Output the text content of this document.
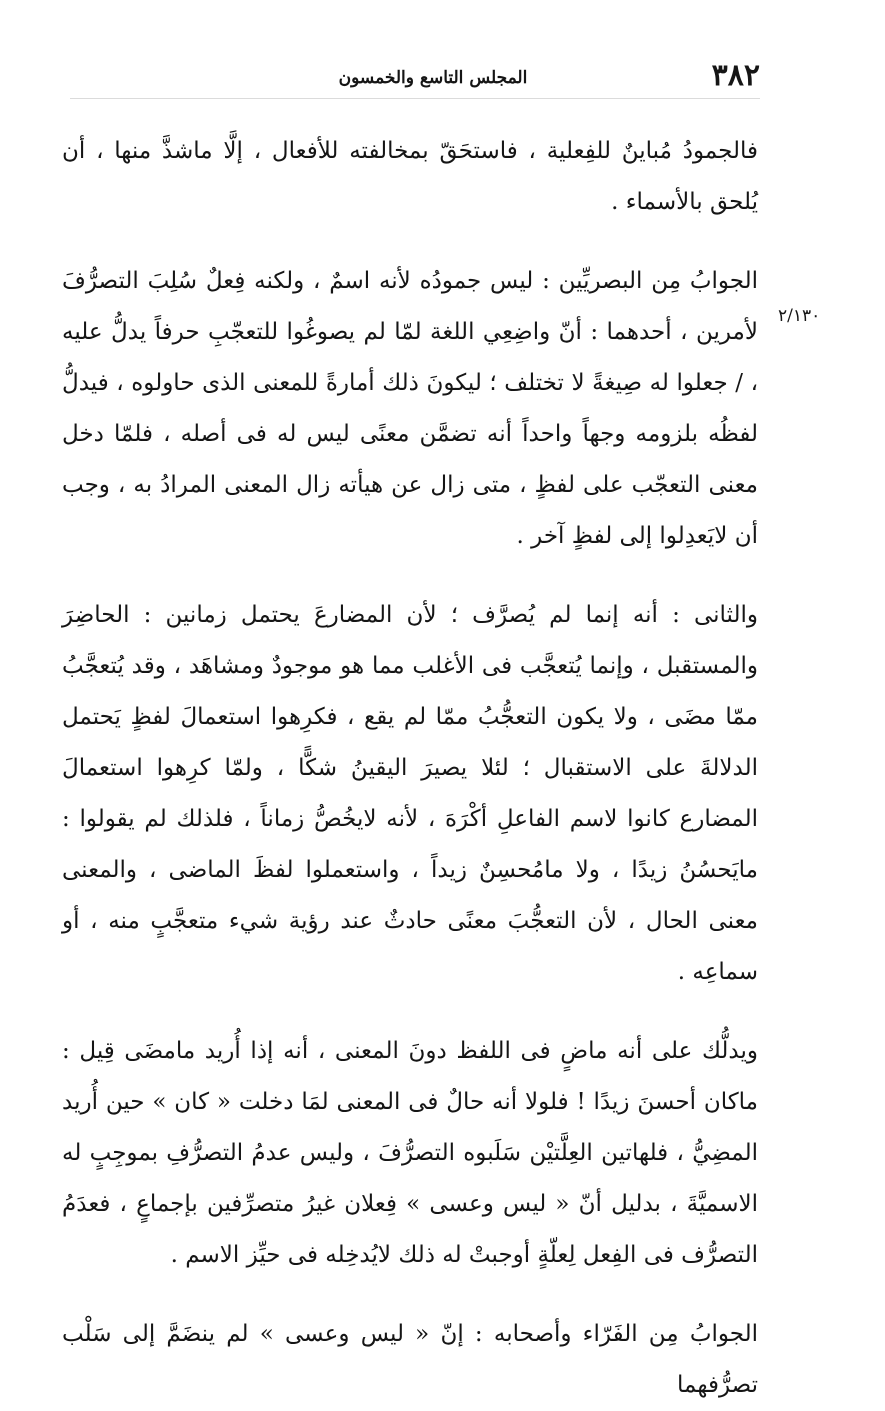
٣٨٢
المجلس التاسع والخمسون
٢/١٣٠

فالجمودُ مُباينٌ للفِعلية ، فاستحَقّ بمخالفته للأفعال ، إلَّا ماشذَّ منها ، أن يُلحق بالأسماء .

الجوابُ مِن البصريِّين : ليس جمودُه لأنه اسمٌ ، ولكنه فِعلٌ سُلِبَ التصرُّفَ لأمرين ، أحدهما : أنّ واضِعِي اللغة لمّا لم يصوغُوا للتعجّبِ حرفاً يدلُّ عليه ، / جعلوا له صِيغةً لا تختلف ؛ ليكونَ ذلك أمارةً للمعنى الذى حاولوه ، فيدلُّ لفظُه بلزومه وجهاً واحداً أنه تضمَّن معنًى ليس له فى أصله ، فلمّا دخل معنى التعجّب على لفظٍ ، متى زال عن هيأته زال المعنى المرادُ به ، وجب أن لايَعدِلوا إلى لفظٍ آخر .

والثانى : أنه إنما لم يُصرَّف ؛ لأن المضارعَ يحتمل زمانين : الحاضِرَ والمستقبل ، وإنما يُتعجَّب فى الأغلب مما هو موجودٌ ومشاهَد ، وقد يُتعجَّبُ ممّا مضَى ، ولا يكون التعجُّبُ ممّا لم يقع ، فكرِهوا استعمالَ لفظٍ يَحتمل الدلالةَ على الاستقبال ؛ لئلا يصيرَ اليقينُ شكًّا ، ولمّا كرِهوا استعمالَ المضارع كانوا لاسم الفاعلِ أكْرَهَ ، لأنه لايخُصُّ زماناً ، فلذلك لم يقولوا : مايَحسُنُ زيدًا ، ولا مامُحسِنٌ زيداً ، واستعملوا لفظَ الماضى ، والمعنى معنى الحال ، لأن التعجُّبَ معنًى حادثٌ عند رؤية شيء متعجَّبٍ منه ، أو سماعِه .

ويدلُّك على أنه ماضٍ فى اللفظ دونَ المعنى ، أنه إذا أُريد مامضَى قِيل : ماكان أحسنَ زيدًا ! فلولا أنه حالٌ فى المعنى لمَا دخلت « كان » حين أُريد المضِيُّ ، فلهاتين العِلَّتيْن سَلَبوه التصرُّفَ ، وليس عدمُ التصرُّفِ بموجِبٍ له الاسميَّةَ ، بدليل أنّ « ليس وعسى » فِعلان غيرُ متصرِّفين بإجماعٍ ، فعدَمُ التصرُّف فى الفِعل لِعلّةٍ أوجبتْ له ذلك لايُدخِله فى حيِّز الاسم .

الجوابُ مِن الفَرّاء وأصحابه : إنّ « ليس وعسى » لم ينضَمَّ إلى سَلْب تصرُّفهما
